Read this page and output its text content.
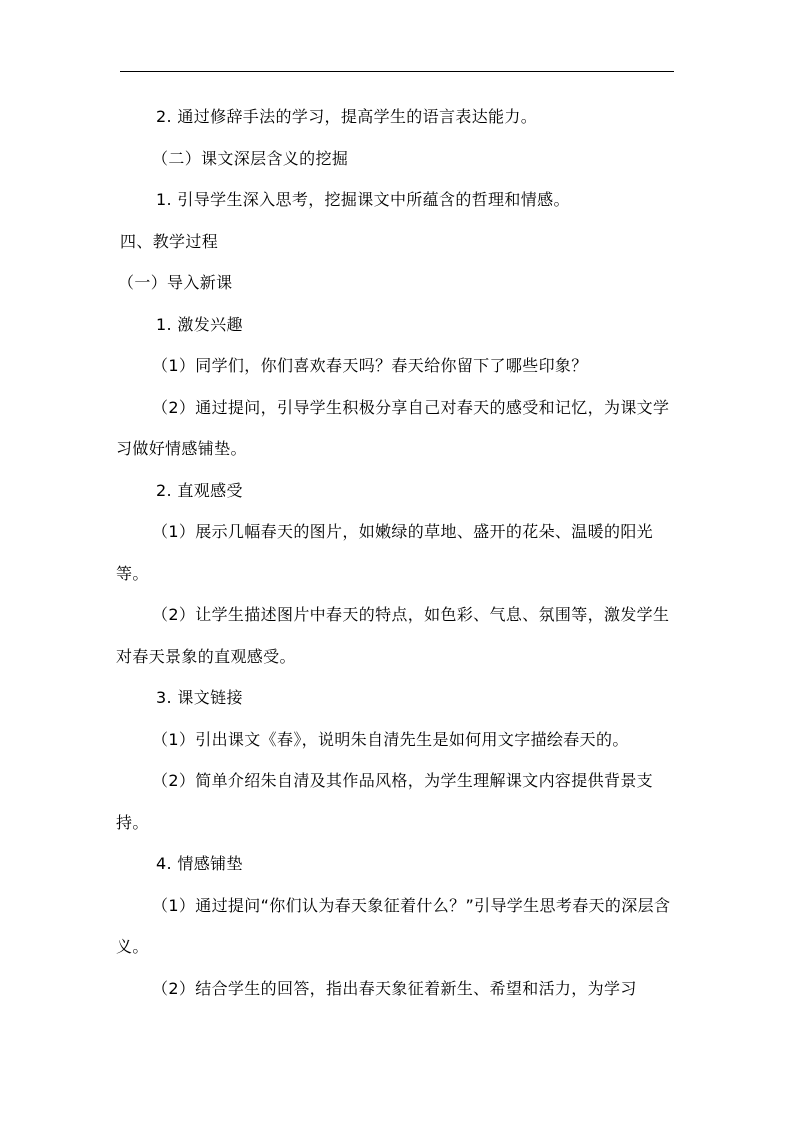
2. 通过修辞手法的学习，提高学生的语言表达能力。

（二）课文深层含义的挖掘

1. 引导学生深入思考，挖掘课文中所蕴含的哲理和情感。

四、教学过程

（一）导入新课

1. 激发兴趣

（1）同学们，你们喜欢春天吗？春天给你留下了哪些印象？

（2）通过提问，引导学生积极分享自己对春天的感受和记忆，为课文学习做好情感铺垫。

2. 直观感受

（1）展示几幅春天的图片，如嫩绿的草地、盛开的花朵、温暖的阳光等。

（2）让学生描述图片中春天的特点，如色彩、气息、氛围等，激发学生对春天景象的直观感受。

3. 课文链接

（1）引出课文《春》，说明朱自清先生是如何用文字描绘春天的。

（2）简单介绍朱自清及其作品风格，为学生理解课文内容提供背景支持。

4. 情感铺垫

（1）通过提问“你们认为春天象征着什么？”引导学生思考春天的深层含义。

（2）结合学生的回答，指出春天象征着新生、希望和活力，为学习
